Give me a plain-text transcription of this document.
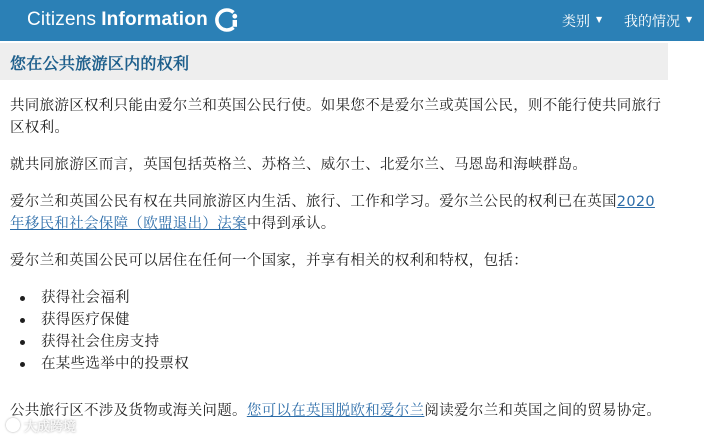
Citizens Information	类别 ▼ 我的情况 ▼
您在公共旅游区内的权利

共同旅游区权利只能由爱尔兰和英国公民行使。如果您不是爱尔兰或英国公民，则不能行使共同旅行区权利。

就共同旅游区而言，英国包括英格兰、苏格兰、威尔士、北爱尔兰、马恩岛和海峡群岛。

爱尔兰和英国公民有权在共同旅游区内生活、旅行、工作和学习。爱尔兰公民的权利已在英国2020 年移民和社会保障（欧盟退出）法案中得到承认。

爱尔兰和英国公民可以居住在任何一个国家，并享有相关的权利和特权，包括：

获得社会福利
获得医疗保健
获得社会住房支持
在某些选举中的投票权

公共旅行区不涉及货物或海关问题。您可以在英国脱欧和爱尔兰阅读爱尔兰和英国之间的贸易协定。

大成跨境
